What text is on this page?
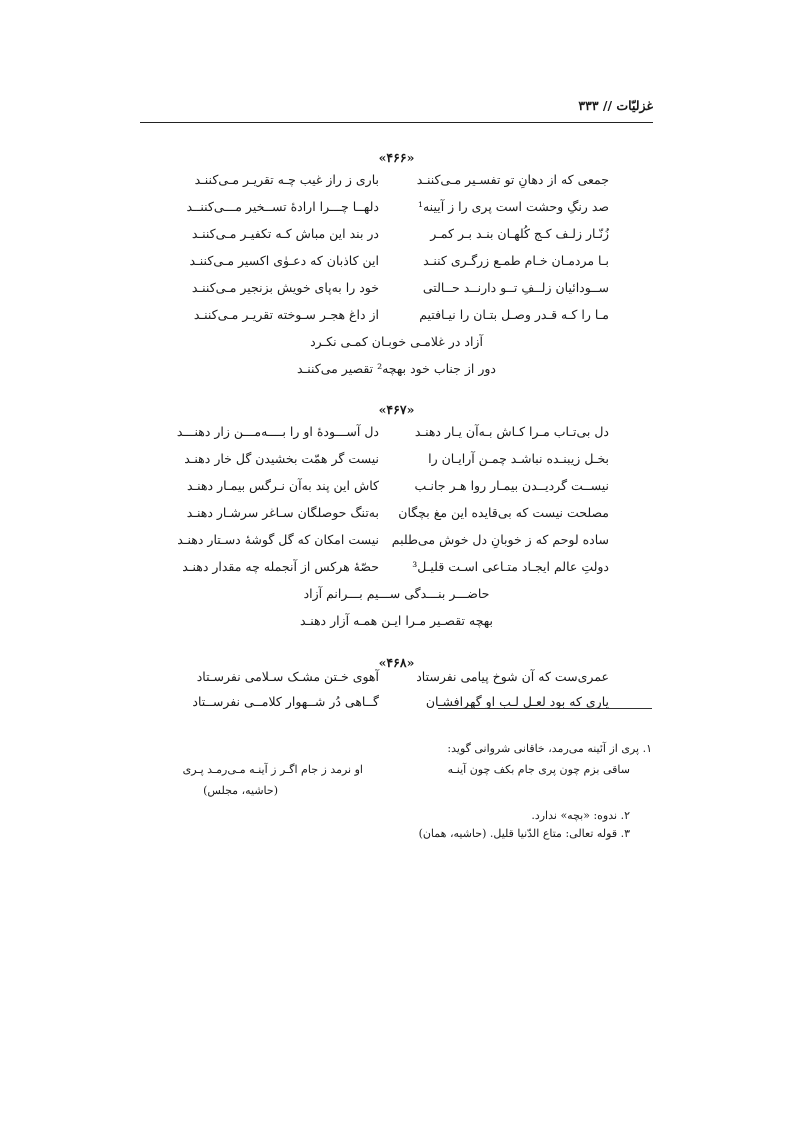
غزلیّات // ۳۳۳
«۴۶۶»
جمعی که از دهانِ تو تفسـیر مـی‌کننـد
باری ز راز غیب چـه تقریـر مـی‌کننـد
صد رنگِ وحشت است پری را ز آیینه¹
دلهــا چـــرا ارادهٔ تســخیر مـــی‌کننــد
زُنّـار زلـف کـج کُلهـان بنـد بـر کمـر
در بند این مباش کـه تکفیـر مـی‌کننـد
بـا مردمـان خـام طمـع زرگـری کننـد
این کاذبان که دعـوٰی اکسیر مـی‌کننـد
ســودائیان زلــفِ تــو دارنــد حــالتی
خود را به‌پای خویش بزنجیر مـی‌کننـد
مـا را کـه قـدر وصـل بتـان را نیـافتیم
از داغ هجـر سـوخته تقریـر مـی‌کننـد
آزاد در غلامـی خوبـان کمـی نکـرد
دور از جناب خود بهچه² تقصیر می‌کننـد
«۴۶۷»
دل بی‌تـاب مـرا کـاش بـه‌آن یـار دهنـد
دل آســـودهٔ او را بــــه‌مـــن زار دهنـــد
بخـل زیبنـده نباشـد چمـن آرایـان را
نیست گر همّت بخشیدن گل خار دهنـد
نیســت گردیــدن بیمـار روا هـر جانـب
کاش این پند به‌آن نـرگس بیمـار دهنـد
مصلحت نیست که بی‌قایده این مغ بچگان
به‌تنگ حوصلگان سـاغر سرشـار دهنـد
ساده لوحم که ز خوبانِ دل خوش می‌طلبم
نیست امکان که گل گوشهٔ دسـتار دهنـد
دولتِ عالم ایجـاد متـاعی اسـت قلیـل³
حصّهٔ هرکس از آنجمله چه مقدار دهنـد
حاضـــر بنـــدگی ســـیم بـــرانم آزاد
بهچه تقصـیر مـرا ایـن همـه آزار دهنـد
«۴۶۸»
عمری‌ست که آن شوخ پیامی نفرستاد
آهوی خـتن مشـک سـلامی نفرسـتاد
یاری که بود لعـل لـب او گهرافشـان
گــاهی دُر شــهوار کلامــی نفرســتاد
۱. پری از آئینه می‌رمد، خاقانی شروانی گوید:
ساقی بزم چون پری جام بکف چون آینـه
او نرمد ز جام اگـر ز آینـه مـی‌رمـد پـری
(حاشیه، مجلس)
۲. ندوه: «بچه» ندارد.
۳. قوله تعالی: متاع الدّنیا قلیل. (حاشیه، همان)
